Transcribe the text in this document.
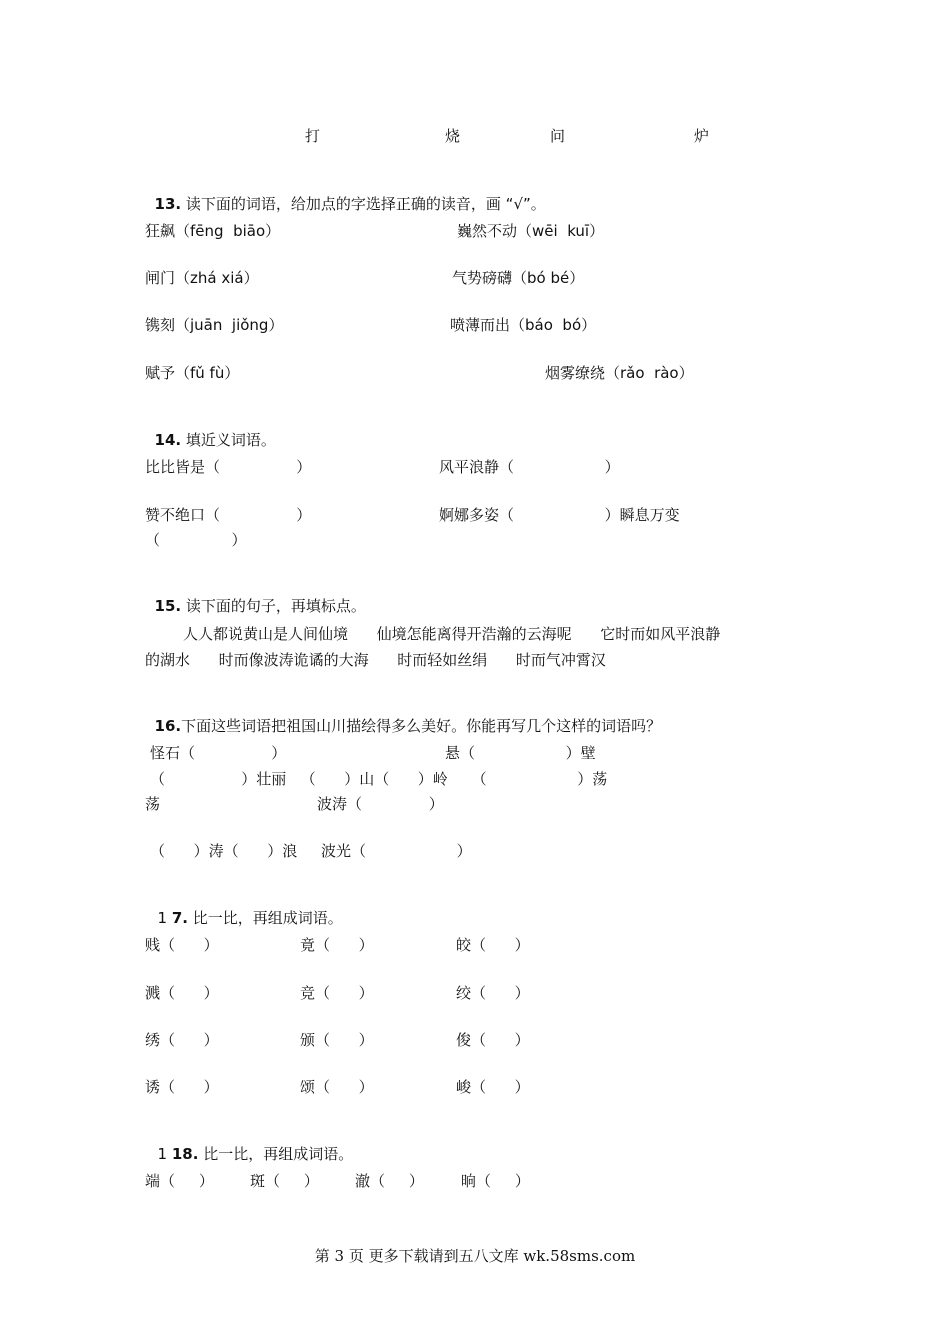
打	烧	问	炉

13. 读下面的词语，给加点的字选择正确的读音，画 “√”。

狂飙（fēng  biāo）	巍然不动（wēi  kuī）
闸门（zhá xiá）	气势磅礴（bó bé）
镌刻（juān  jiǒng）	喷薄而出（báo  bó）
赋予（fǔ fù）	烟雾缭绕（rǎo  rào）

14. 填近义词语。

比比皆是（                ）	风平浪静（                   ）
赞不绝口（                ）	婀娜多姿（                   ）瞬息万变
（               ）

15. 读下面的句子，再填标点。

人人都说黄山是人间仙境      仙境怎能离得开浩瀚的云海呢      它时而如风平浪静
的湖水      时而像波涛诡谲的大海      时而轻如丝绢      时而气冲霄汉

16.下面这些词语把祖国山川描绘得多么美好。你能再写几个这样的词语吗？

怪石（                ）	悬（                   ）壁
（                ）壮丽   （      ）山（      ）岭     （                   ）荡
荡	波涛（              ）
（      ）涛（      ）浪     波光（                   ）

1 7. 比一比，再组成词语。

贱（      ）	竟（      ）	皎（      ）
溅（      ）	竞（      ）	绞（      ）
绣（      ）	颁（      ）	俊（      ）
诱（      ）	颂（      ）	峻（      ）

1 18. 比一比，再组成词语。

端（     ） 斑（     ） 澈（     ） 晌（     ）
第 3 页 更多下载请到五八文库 wk.58sms.com
